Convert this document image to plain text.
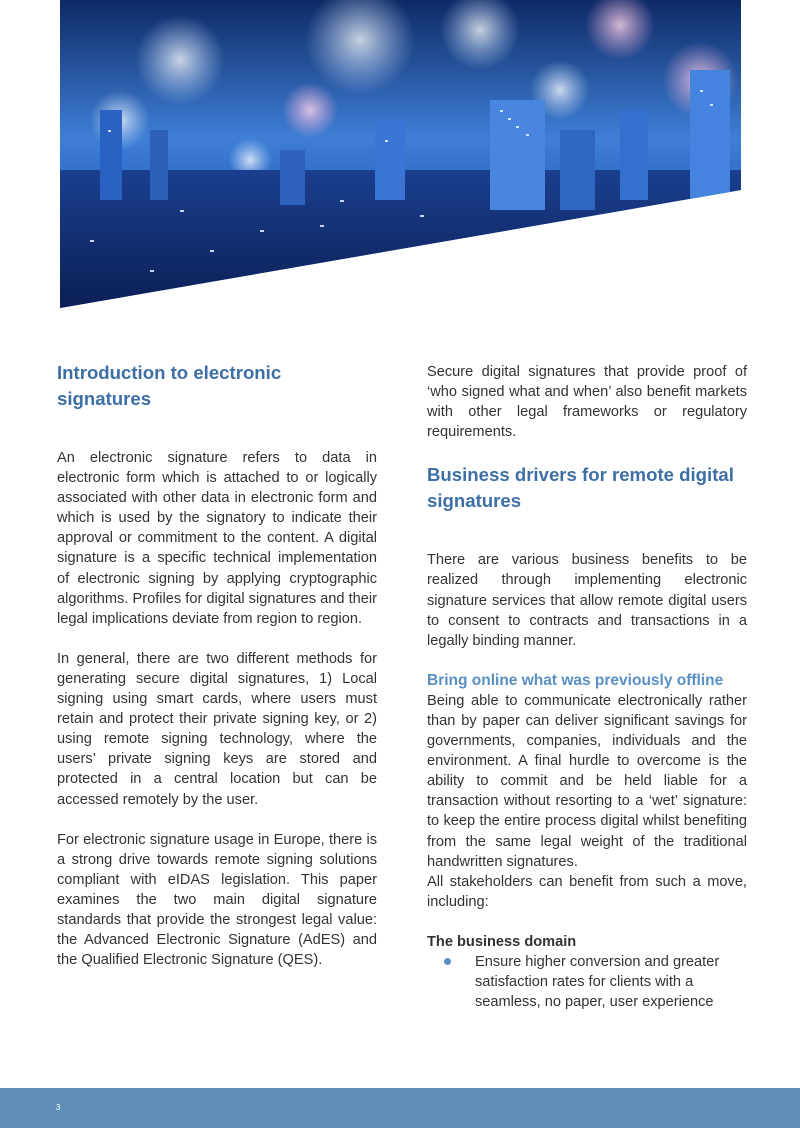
Introduction to electronic signatures

An electronic signature refers to data in electronic form which is attached to or logically associated with other data in electronic form and which is used by the signatory to indicate their approval or commitment to the content. A digital signature is a specific technical implementation of electronic signing by applying cryptographic algorithms. Profiles for digital signatures and their legal implications deviate from region to region.

In general, there are two different methods for generating secure digital signatures, 1) Local signing using smart cards, where users must retain and protect their private signing key, or 2) using remote signing technology, where the users’ private signing keys are stored and protected in a central location but can be accessed remotely by the user.

For electronic signature usage in Europe, there is a strong drive towards remote signing solutions compliant with eIDAS legislation. This paper examines the two main digital signature standards that provide the strongest legal value: the Advanced Electronic Signature (AdES) and the Qualified Electronic Signature (QES).

Secure digital signatures that provide proof of ‘who signed what and when’ also benefit markets with other legal frameworks or regulatory requirements.

Business drivers for remote digital signatures

There are various business benefits to be realized through implementing electronic signature services that allow remote digital users to consent to contracts and transactions in a legally binding manner.

Bring online what was previously offline

Being able to communicate electronically rather than by paper can deliver significant savings for governments, companies, individuals and the environment. A final hurdle to overcome is the ability to commit and be held liable for a transaction without resorting to a ‘wet’ signature: to keep the entire process digital whilst benefiting from the same legal weight of the traditional handwritten signatures.

All stakeholders can benefit from such a move, including:

The business domain
Ensure higher conversion and greater satisfaction rates for clients with a seamless, no paper, user experience
3
